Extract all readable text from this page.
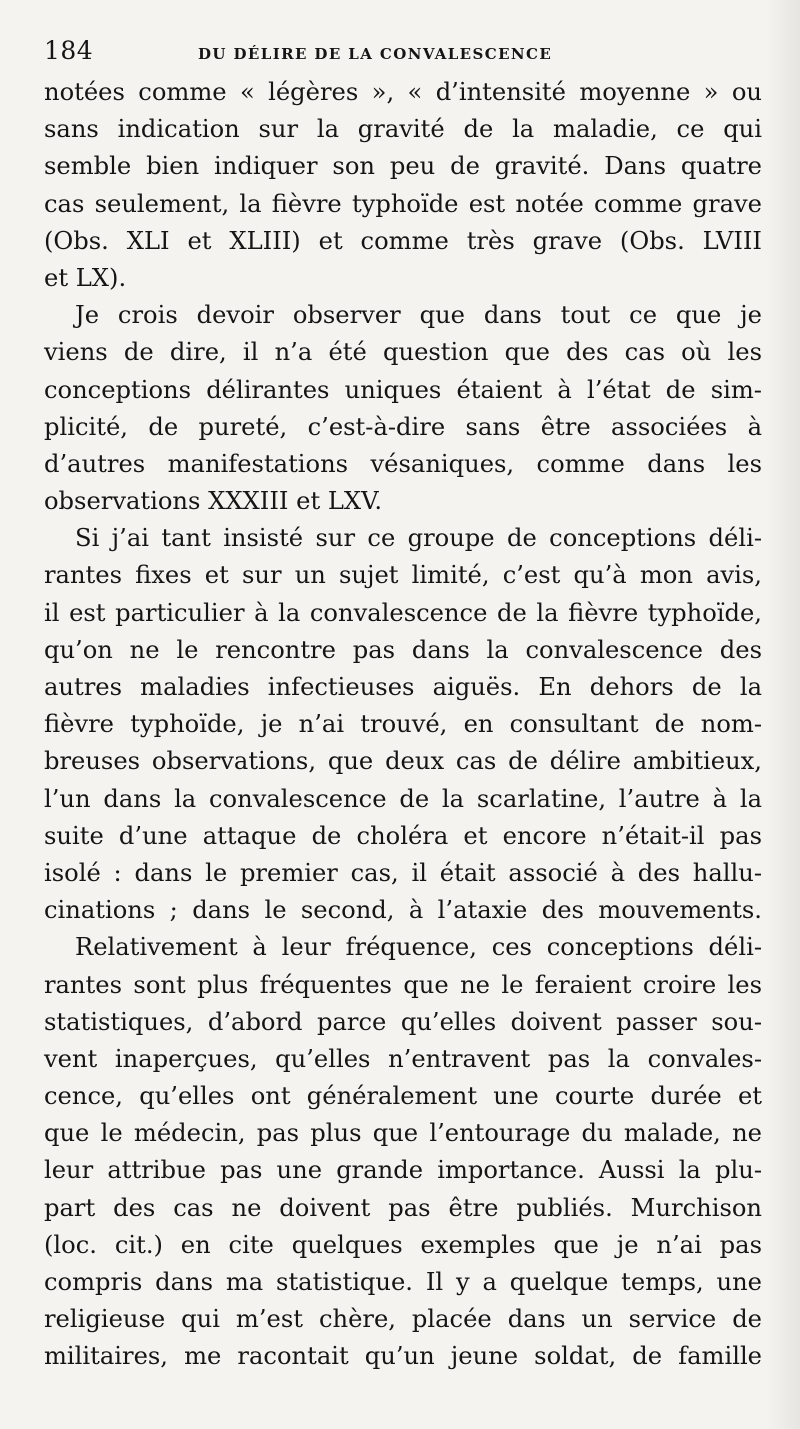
184	DU DÉLIRE DE LA CONVALESCENCE
notées comme « légères », « d’intensité moyenne » ou
sans indication sur la gravité de la maladie, ce qui
semble bien indiquer son peu de gravité. Dans quatre
cas seulement, la fièvre typhoïde est notée comme grave
(Obs. XLI et XLIII) et comme très grave (Obs. LVIII
et LX).
Je crois devoir observer que dans tout ce que je
viens de dire, il n’a été question que des cas où les
conceptions délirantes uniques étaient à l’état de sim-
plicité, de pureté, c’est-à-dire sans être associées à
d’autres manifestations vésaniques, comme dans les
observations XXXIII et LXV.
Si j’ai tant insisté sur ce groupe de conceptions déli-
rantes fixes et sur un sujet limité, c’est qu’à mon avis,
il est particulier à la convalescence de la fièvre typhoïde,
qu’on ne le rencontre pas dans la convalescence des
autres maladies infectieuses aiguës. En dehors de la
fièvre typhoïde, je n’ai trouvé, en consultant de nom-
breuses observations, que deux cas de délire ambitieux,
l’un dans la convalescence de la scarlatine, l’autre à la
suite d’une attaque de choléra et encore n’était-il pas
isolé : dans le premier cas, il était associé à des hallu-
cinations ; dans le second, à l’ataxie des mouvements.
Relativement à leur fréquence, ces conceptions déli-
rantes sont plus fréquentes que ne le feraient croire les
statistiques, d’abord parce qu’elles doivent passer sou-
vent inaperçues, qu’elles n’entravent pas la convales-
cence, qu’elles ont généralement une courte durée et
que le médecin, pas plus que l’entourage du malade, ne
leur attribue pas une grande importance. Aussi la plu-
part des cas ne doivent pas être publiés. Murchison
(loc. cit.) en cite quelques exemples que je n’ai pas
compris dans ma statistique. Il y a quelque temps, une
religieuse qui m’est chère, placée dans un service de
militaires, me racontait qu’un jeune soldat, de famille
